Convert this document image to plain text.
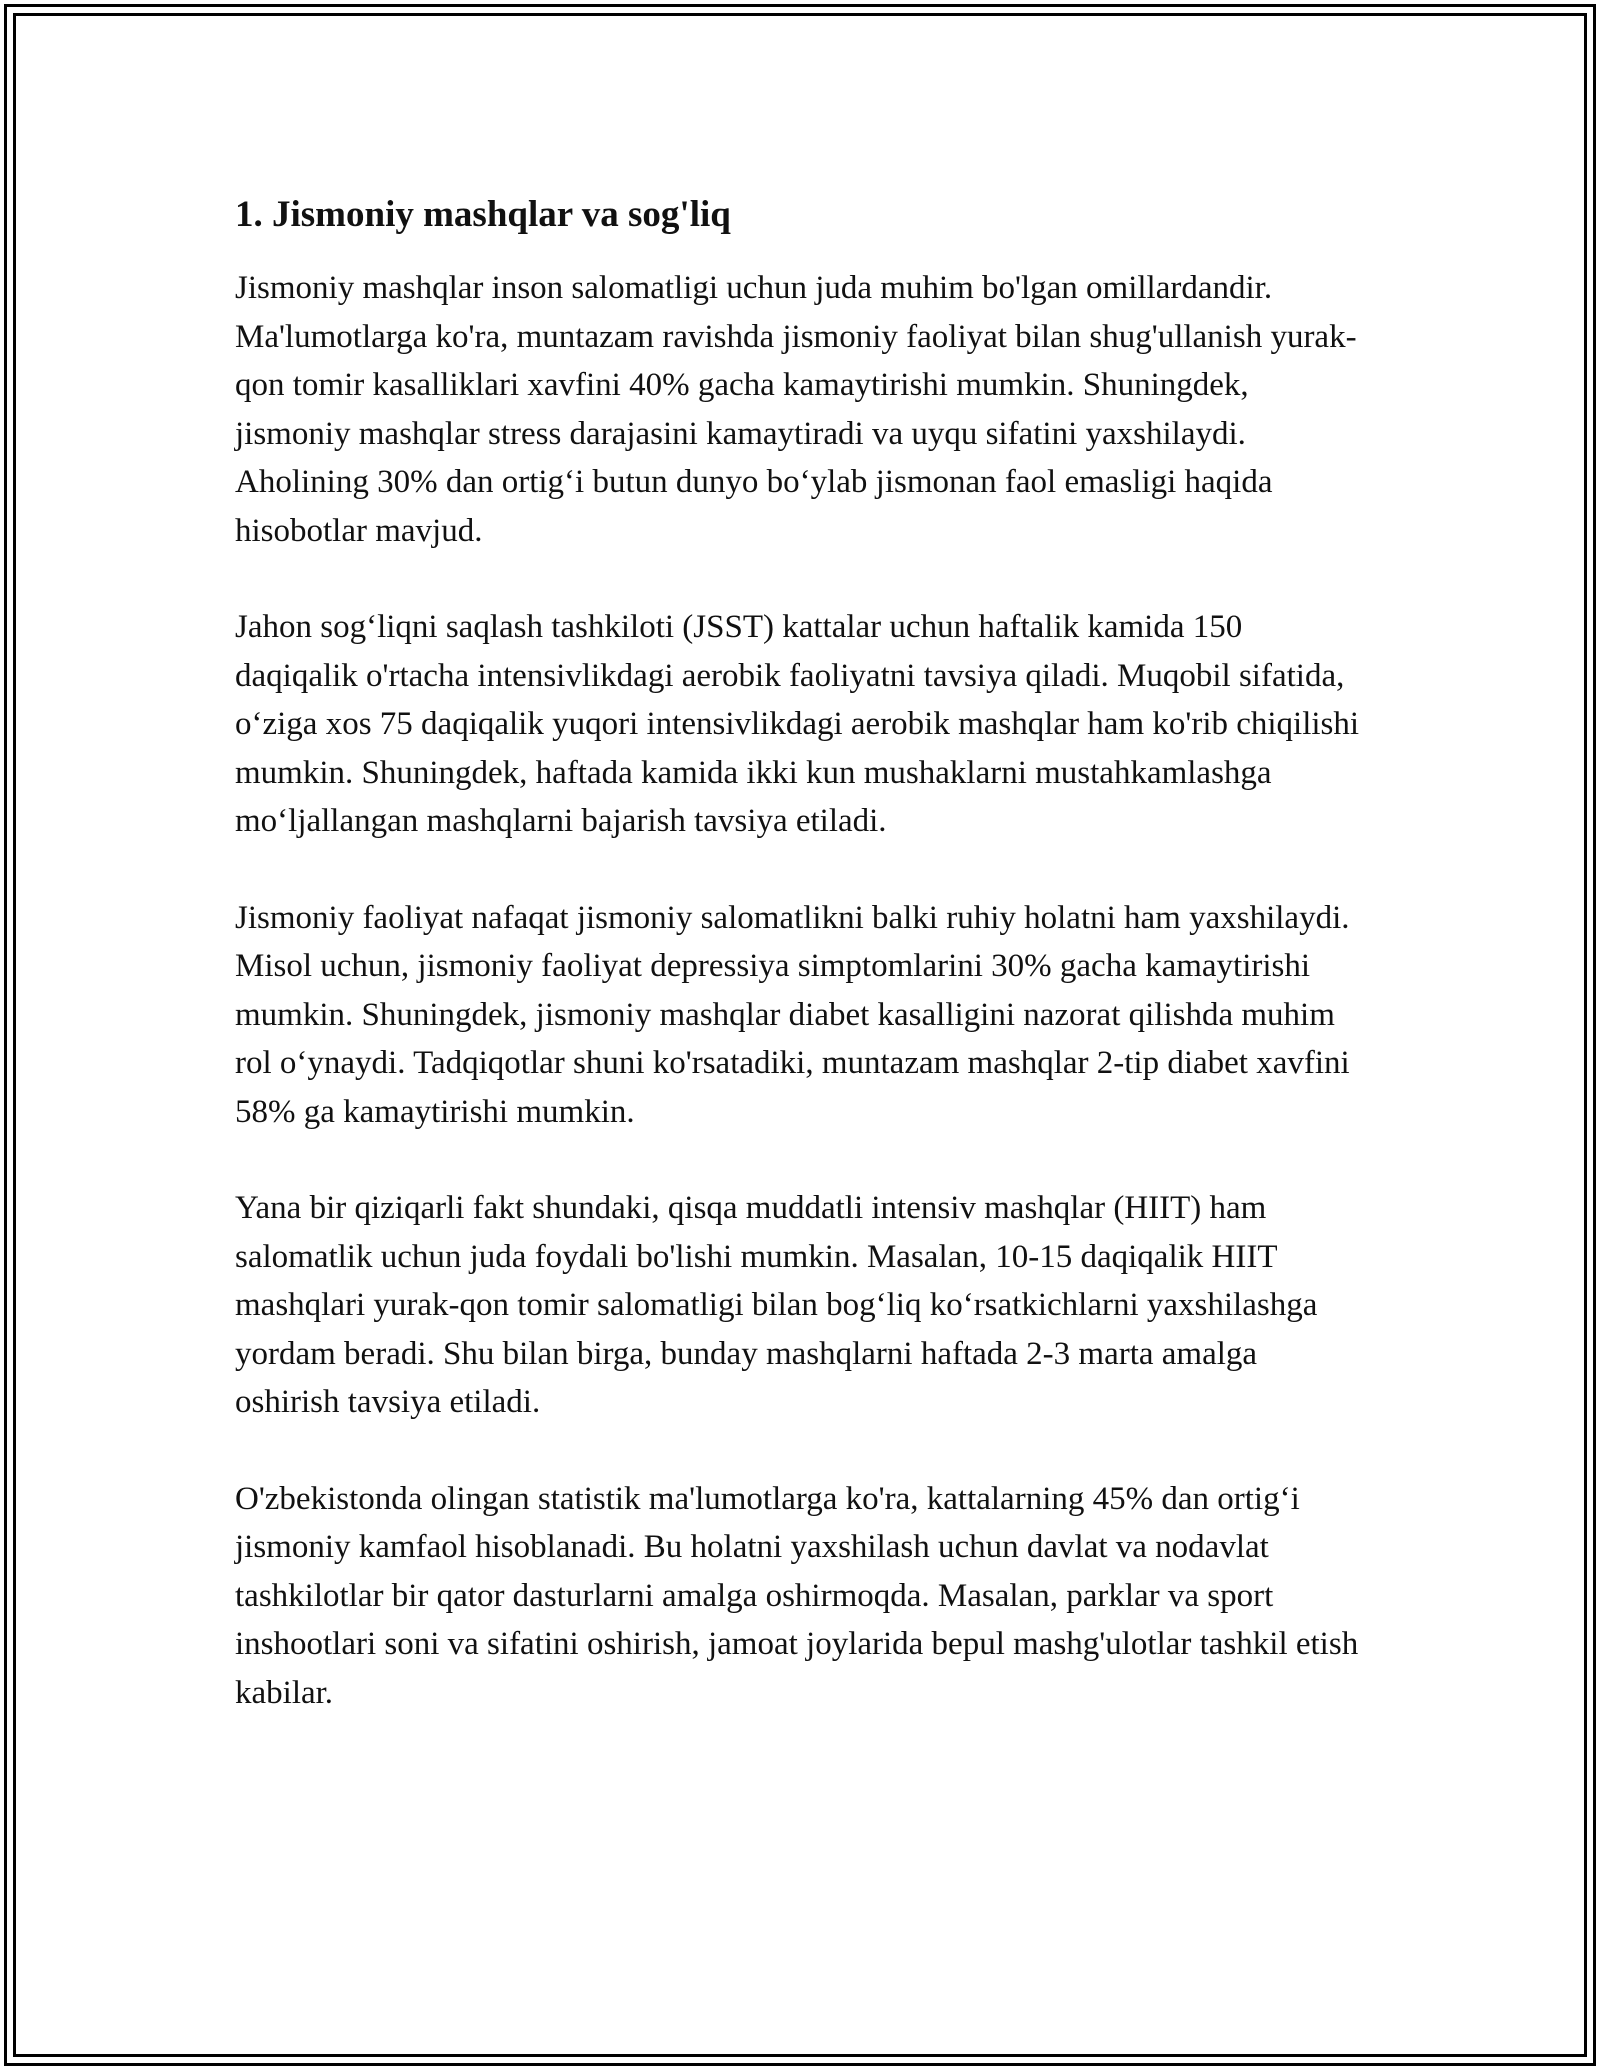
1. Jismoniy mashqlar va sog'liq

Jismoniy mashqlar inson salomatligi uchun juda muhim bo'lgan omillardandir. Ma'lumotlarga ko'ra, muntazam ravishda jismoniy faoliyat bilan shug'ullanish yurak-qon tomir kasalliklari xavfini 40% gacha kamaytirishi mumkin. Shuningdek, jismoniy mashqlar stress darajasini kamaytiradi va uyqu sifatini yaxshilaydi. Aholining 30% dan ortig‘i butun dunyo bo‘ylab jismonan faol emasligi haqida hisobotlar mavjud.

Jahon sog‘liqni saqlash tashkiloti (JSST) kattalar uchun haftalik kamida 150 daqiqalik o'rtacha intensivlikdagi aerobik faoliyatni tavsiya qiladi. Muqobil sifatida, o‘ziga xos 75 daqiqalik yuqori intensivlikdagi aerobik mashqlar ham ko'rib chiqilishi mumkin. Shuningdek, haftada kamida ikki kun mushaklarni mustahkamlashga mo‘ljallangan mashqlarni bajarish tavsiya etiladi.

Jismoniy faoliyat nafaqat jismoniy salomatlikni balki ruhiy holatni ham yaxshilaydi. Misol uchun, jismoniy faoliyat depressiya simptomlarini 30% gacha kamaytirishi mumkin. Shuningdek, jismoniy mashqlar diabet kasalligini nazorat qilishda muhim rol o‘ynaydi. Tadqiqotlar shuni ko'rsatadiki, muntazam mashqlar 2-tip diabet xavfini 58% ga kamaytirishi mumkin.

Yana bir qiziqarli fakt shundaki, qisqa muddatli intensiv mashqlar (HIIT) ham salomatlik uchun juda foydali bo'lishi mumkin. Masalan, 10-15 daqiqalik HIIT mashqlari yurak-qon tomir salomatligi bilan bog‘liq ko‘rsatkichlarni yaxshilashga yordam beradi. Shu bilan birga, bunday mashqlarni haftada 2-3 marta amalga oshirish tavsiya etiladi.

O'zbekistonda olingan statistik ma'lumotlarga ko'ra, kattalarning 45% dan ortig‘i jismoniy kamfaol hisoblanadi. Bu holatni yaxshilash uchun davlat va nodavlat tashkilotlar bir qator dasturlarni amalga oshirmoqda. Masalan, parklar va sport inshootlari soni va sifatini oshirish, jamoat joylarida bepul mashg'ulotlar tashkil etish kabilar.
